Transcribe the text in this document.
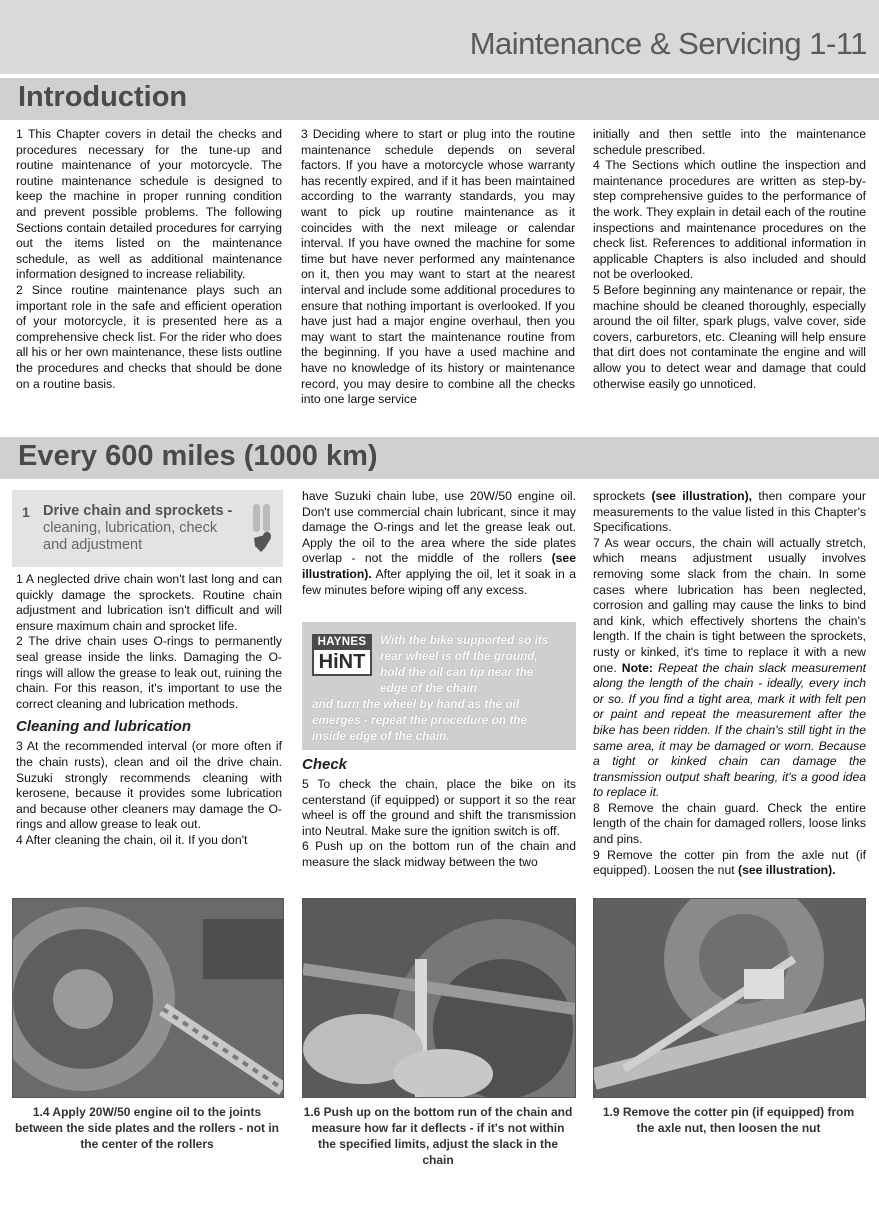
Maintenance & Servicing 1-11
Introduction

1 This Chapter covers in detail the checks and procedures necessary for the tune-up and routine maintenance of your motorcycle. The routine maintenance schedule is designed to keep the machine in proper running condition and prevent possible problems. The following Sections contain detailed procedures for carrying out the items listed on the maintenance schedule, as well as additional maintenance information designed to increase reliability.

2 Since routine maintenance plays such an important role in the safe and efficient operation of your motorcycle, it is presented here as a comprehensive check list. For the rider who does all his or her own maintenance, these lists outline the procedures and checks that should be done on a routine basis.

3 Deciding where to start or plug into the routine maintenance schedule depends on several factors. If you have a motorcycle whose warranty has recently expired, and if it has been maintained according to the warranty standards, you may want to pick up routine maintenance as it coincides with the next mileage or calendar interval. If you have owned the machine for some time but have never performed any maintenance on it, then you may want to start at the nearest interval and include some additional procedures to ensure that nothing important is overlooked. If you have just had a major engine overhaul, then you may want to start the maintenance routine from the beginning. If you have a used machine and have no knowledge of its history or maintenance record, you may desire to combine all the checks into one large service

initially and then settle into the maintenance schedule prescribed.

4 The Sections which outline the inspection and maintenance procedures are written as step-by-step comprehensive guides to the performance of the work. They explain in detail each of the routine inspections and maintenance procedures on the check list. References to additional information in applicable Chapters is also included and should not be overlooked.

5 Before beginning any maintenance or repair, the machine should be cleaned thoroughly, especially around the oil filter, spark plugs, valve cover, side covers, carburetors, etc. Cleaning will help ensure that dirt does not contaminate the engine and will allow you to detect wear and damage that could otherwise easily go unnoticed.

Every 600 miles (1000 km)
1 Drive chain and sprockets - cleaning, lubrication, check and adjustment

1 A neglected drive chain won't last long and can quickly damage the sprockets. Routine chain adjustment and lubrication isn't difficult and will ensure maximum chain and sprocket life.

2 The drive chain uses O-rings to permanently seal grease inside the links. Damaging the O-rings will allow the grease to leak out, ruining the chain. For this reason, it's important to use the correct cleaning and lubrication methods.

Cleaning and lubrication

3 At the recommended interval (or more often if the chain rusts), clean and oil the drive chain. Suzuki strongly recommends cleaning with kerosene, because it provides some lubrication and because other cleaners may damage the O-rings and allow grease to leak out.

4 After cleaning the chain, oil it. If you don't

have Suzuki chain lube, use 20W/50 engine oil. Don't use commercial chain lubricant, since it may damage the O-rings and let the grease leak out. Apply the oil to the area where the side plates overlap - not the middle of the rollers (see illustration). After applying the oil, let it soak in a few minutes before wiping off any excess.

HAYNES
HiNT
With the bike supported so its rear wheel is off the ground, hold the oil can tip near the edge of the chain
and turn the wheel by hand as the oil emerges - repeat the procedure on the inside edge of the chain.

Check

5 To check the chain, place the bike on its centerstand (if equipped) or support it so the rear wheel is off the ground and shift the transmission into Neutral. Make sure the ignition switch is off.

6 Push up on the bottom run of the chain and measure the slack midway between the two

sprockets (see illustration), then compare your measurements to the value listed in this Chapter's Specifications.

7 As wear occurs, the chain will actually stretch, which means adjustment usually involves removing some slack from the chain. In some cases where lubrication has been neglected, corrosion and galling may cause the links to bind and kink, which effectively shortens the chain's length. If the chain is tight between the sprockets, rusty or kinked, it's time to replace it with a new one. Note: Repeat the chain slack measurement along the length of the chain - ideally, every inch or so. If you find a tight area, mark it with felt pen or paint and repeat the measurement after the bike has been ridden. If the chain's still tight in the same area, it may be damaged or worn. Because a tight or kinked chain can damage the transmission output shaft bearing, it's a good idea to replace it.

8 Remove the chain guard. Check the entire length of the chain for damaged rollers, loose links and pins.

9 Remove the cotter pin from the axle nut (if equipped). Loosen the nut (see illustration).

1.4 Apply 20W/50 engine oil to the joints between the side plates and the rollers - not in the center of the rollers
1.6 Push up on the bottom run of the chain and measure how far it deflects - if it's not within the specified limits, adjust the slack in the chain
1.9 Remove the cotter pin (if equipped) from the axle nut, then loosen the nut
